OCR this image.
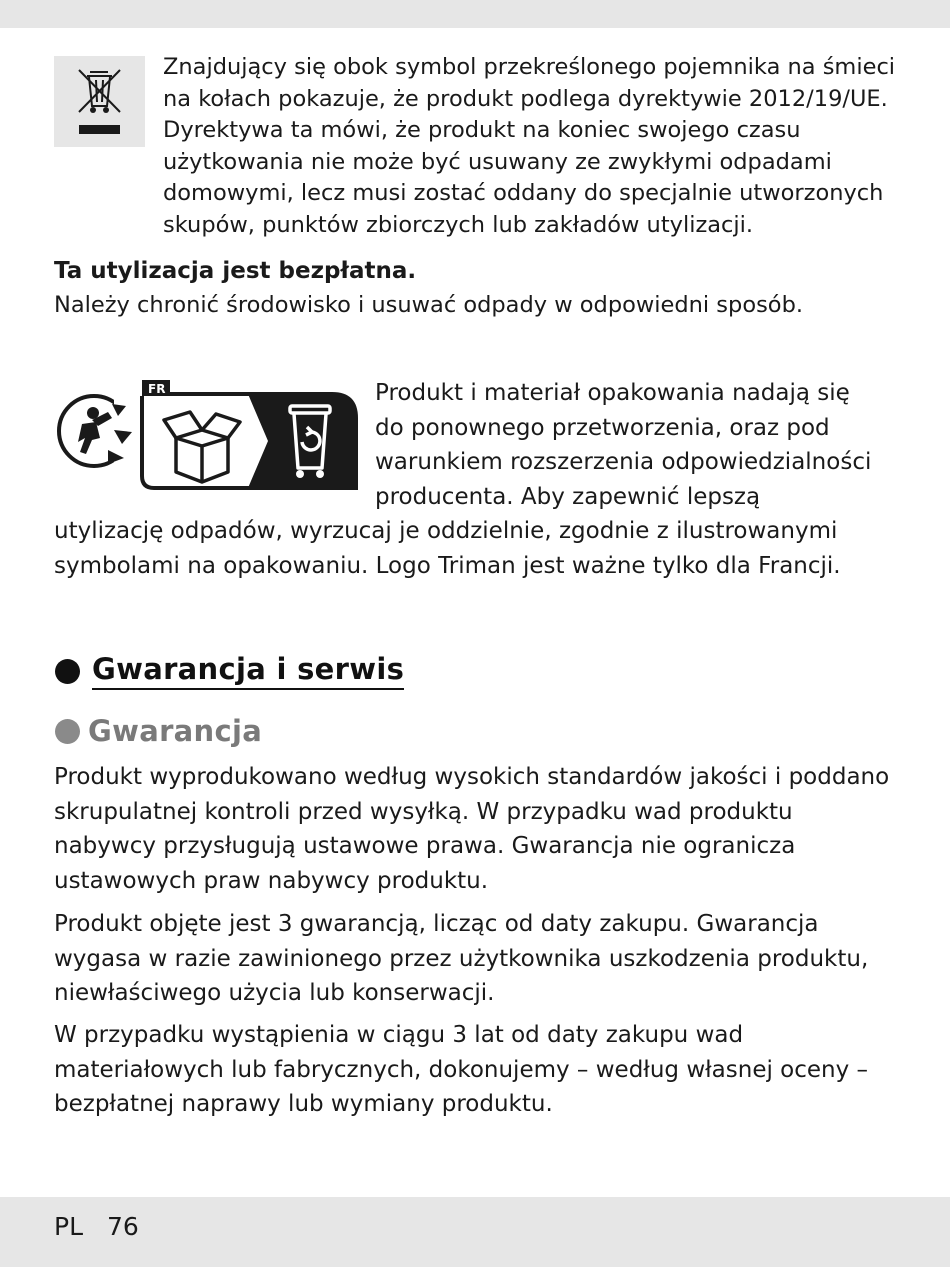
Znajdujący się obok symbol przekreślonego pojemnika na śmieci na kołach pokazuje, że produkt podlega dyrektywie 2012/19/UE. Dyrektywa ta mówi, że produkt na koniec swojego czasu użytkowania nie może być usuwany ze zwykłymi odpadami domowymi, lecz musi zostać oddany do specjalnie utworzonych skupów, punktów zbiorczych lub zakładów utylizacji.

Ta utylizacja jest bezpłatna.

Należy chronić środowisko i usuwać odpady w odpowiedni sposób.

FR	Produkt i materiał opakowania nadają się do ponownego przetworzenia, oraz pod warunkiem rozszerzenia odpowiedzialności producenta. Aby zapewnić lepszą utylizację odpadów, wyrzucaj je oddzielnie, zgodnie z ilustrowanymi symbolami na opakowaniu. Logo Triman jest ważne tylko dla Francji.

Gwarancja i serwis
Gwarancja

Produkt wyprodukowano według wysokich standardów jakości i poddano skrupulatnej kontroli przed wysyłką. W przypadku wad produktu nabywcy przysługują ustawowe prawa. Gwarancja nie ogranicza ustawowych praw nabywcy produktu.

Produkt objęte jest 3 gwarancją, licząc od daty zakupu. Gwarancja wygasa w razie zawinionego przez użytkownika uszkodzenia produktu, niewłaściwego użycia lub konserwacji.

W przypadku wystąpienia w ciągu 3 lat od daty zakupu wad materiałowych lub fabrycznych, dokonujemy – według własnej oceny – bezpłatnej naprawy lub wymiany produktu.

PL 76
